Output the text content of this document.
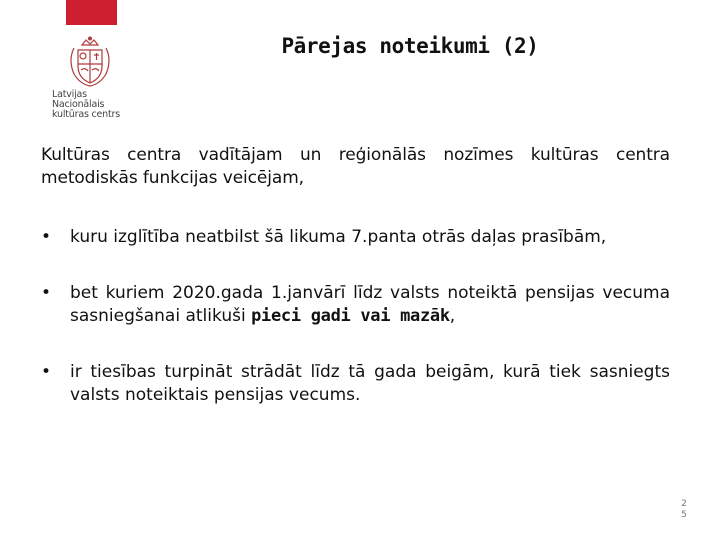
Latvijas Nacionālais
kultūras centrs
Pārejas noteikumi (2)
Kultūras centra vadītājam un reģionālās nozīmes kultūras centra metodiskās funkcijas veicējam,
• kuru izglītība neatbilst šā likuma 7.panta otrās daļas prasībām,
• bet kuriem 2020.gada 1.janvārī līdz valsts noteiktā pensijas vecuma sasniegšanai atlikuši pieci gadi vai mazāk,
• ir tiesības turpināt strādāt līdz tā gada beigām, kurā tiek sasniegts valsts noteiktais pensijas vecums.
2
5
